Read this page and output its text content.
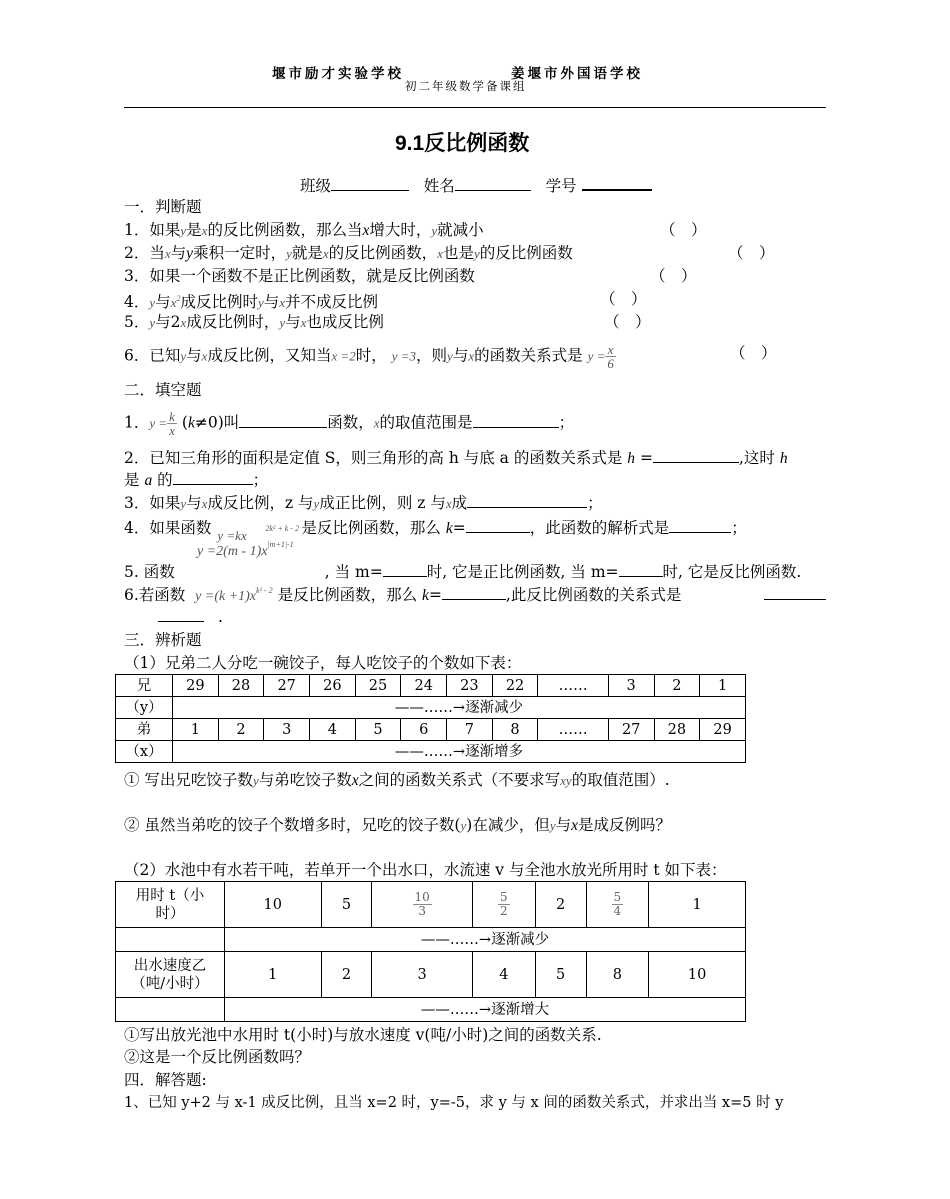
堰市励才实验学校	姜堰市外国语学校
初二年级数学备课组
9.1反比例函数
班级	姓名	学号
一．判断题
1．如果y是x的反比例函数，那么当x增大时，y就减小	（　）
2．当x与y乘积一定时，y就是x的反比例函数，x也是y的反比例函数	（　）
3．如果一个函数不是正比例函数，就是反比例函数	（　）
4．y与$x^2$成反比例时y与x并不成反比例	（　）
5．y与2x成反比例时，y与x也成反比例	（　）
6．已知y与x成反比例，又知当x =2时， y =3，则y与x的函数关系式是 $y = \frac{x}{6}$	（　）
二．填空题
1．$y = \frac{k}{x} (k\ne 0)$叫	函数，x的取值范围是	；
2．已知三角形的面积是定值 S，则三角形的高 h 与底 a 的函数关系式是 h =	,这时 h
是 a 的	；
3．如果y与x成反比例，z 与y成正比例，则 z 与x成	；
4．如果函数 y =kx 2k² + k - 2 是反比例函数，那么 k=	，此函数的解析式是	；
$y =2(m - 1)x^{|m+1|-1}$
5. 函数	, 当 m=	时, 它是正比例函数, 当 m=	时, 它是反比例函数.
6.若函数 $y =(k +1)x^{k^2 - 2}$ 是反比例函数，那么 k=	,此反比例函数的关系式是
.
三．辨析题
（1）兄弟二人分吃一碗饺子，每人吃饺子的个数如下表：
兄	29	28	27	26	25	24	23	22	……	3	2	1
（y）	——……→逐渐减少											
弟	1	2	3	4	5	6	7	8	……	27	28	29
（x）	——……→逐渐增多											
① 写出兄吃饺子数y与弟吃饺子数x之间的函数关系式（不要求写xy的取值范围）.
② 虽然当弟吃的饺子个数增多时，兄吃的饺子数(y)在减少，但y与x是成反例吗？
（2）水池中有水若干吨，若单开一个出水口，水流速 v 与全池水放光所用时 t 如下表：
用时 t（小
时）	10	5	$\frac{10}{3}$	$\frac{5}{2}$	2	$\frac{5}{4}$	1
	——……→逐渐减少						
出水速度乙
（吨/小时）	1	2	3	4	5	8	10
	——……→逐渐增大						
①写出放光池中水用时 t(小时)与放水速度 v(吨/小时)之间的函数关系.
②这是一个反比例函数吗？
四．解答题:
1、已知 y+2 与 x-1 成反比例，且当 x=2 时，y=-5，求 y 与 x 间的函数关系式，并求出当 x=5 时 y
